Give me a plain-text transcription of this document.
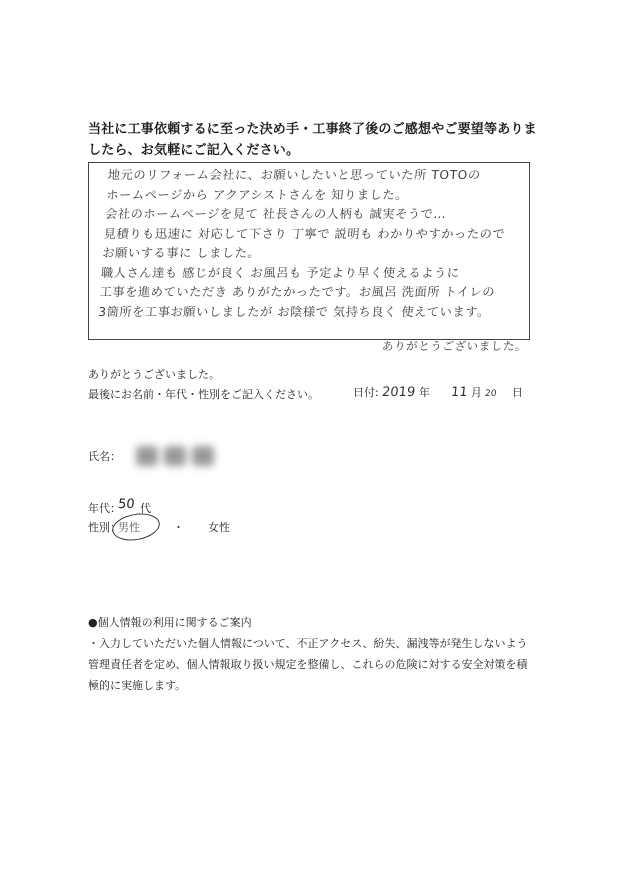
当社に工事依頼するに至った決め手・工事終了後のご感想やご要望等ありましたら、お気軽にご記入ください。
地元のリフォーム会社に、お願いしたいと思っていた所 TOTOの
ホームページから アクアシストさんを 知りました。
会社のホームページを見て 社長さんの人柄も 誠実そうで…
見積りも迅速に 対応して下さり 丁寧で 説明も わかりやすかったので
お願いする事に しました。
職人さん達も 感じが良く お風呂も 予定より早く使えるように
工事を進めていただき ありがたかったです。お風呂 洗面所 トイレの
3箇所を工事お願いしましたが お陰様で 気持ち良く 使えています。
ありがとうございました。
ありがとうございました。
最後にお名前・年代・性別をご記入ください。	日付: 2019 年 11 月 20 日
氏名：
年代：
50 代
性別：
男性	・ 女性
●個人情報の利用に関するご案内
・入力していただいた個人情報について、不正アクセス、紛失、漏洩等が発生しないよう管理責任者を定め、個人情報取り扱い規定を整備し、これらの危険に対する安全対策を積極的に実施します。
